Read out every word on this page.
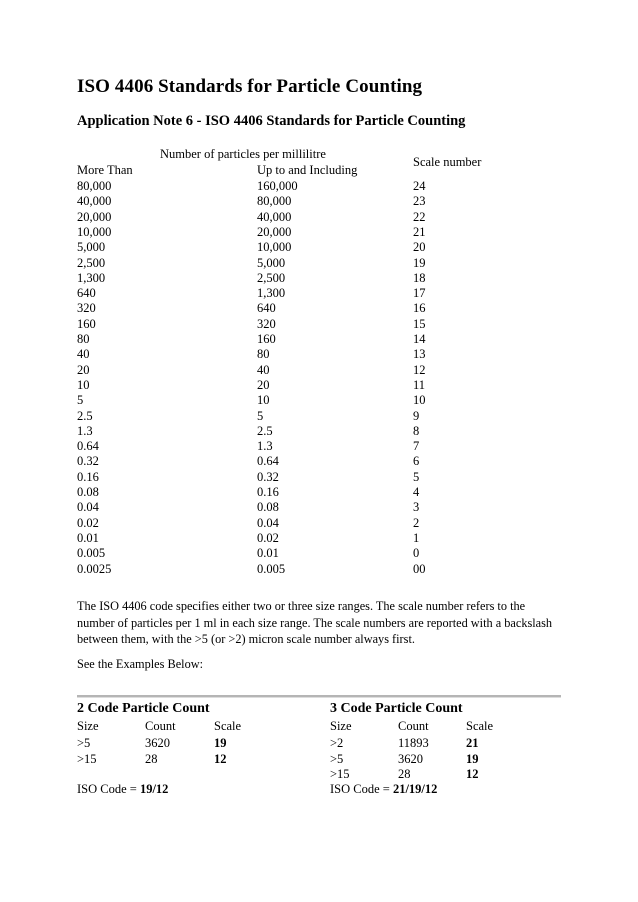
ISO 4406 Standards for Particle Counting
Application Note 6 - ISO 4406 Standards for Particle Counting
Number of particles per millilitre
More Than	Up to and Including
Scale number
80,000	160,000	24
40,000	80,000	23
20,000	40,000	22
10,000	20,000	21
5,000	10,000	20
2,500	5,000	19
1,300	2,500	18
640	1,300	17
320	640	16
160	320	15
80	160	14
40	80	13
20	40	12
10	20	11
5	10	10
2.5	5	9
1.3	2.5	8
0.64	1.3	7
0.32	0.64	6
0.16	0.32	5
0.08	0.16	4
0.04	0.08	3
0.02	0.04	2
0.01	0.02	1
0.005	0.01	0
0.0025	0.005	00
The ISO 4406 code specifies either two or three size ranges. The scale number refers to the number of particles per 1 ml in each size range. The scale numbers are reported with a backslash between them, with the >5 (or >2) micron scale number always first.
See the Examples Below:
2 Code Particle Count
Size	Count	Scale
>5	3620	19
>15	28	12
ISO Code = 19/12
3 Code Particle Count
Size	Count	Scale
>2	11893	21
>5	3620	19
>15	28	12
ISO Code = 21/19/12
